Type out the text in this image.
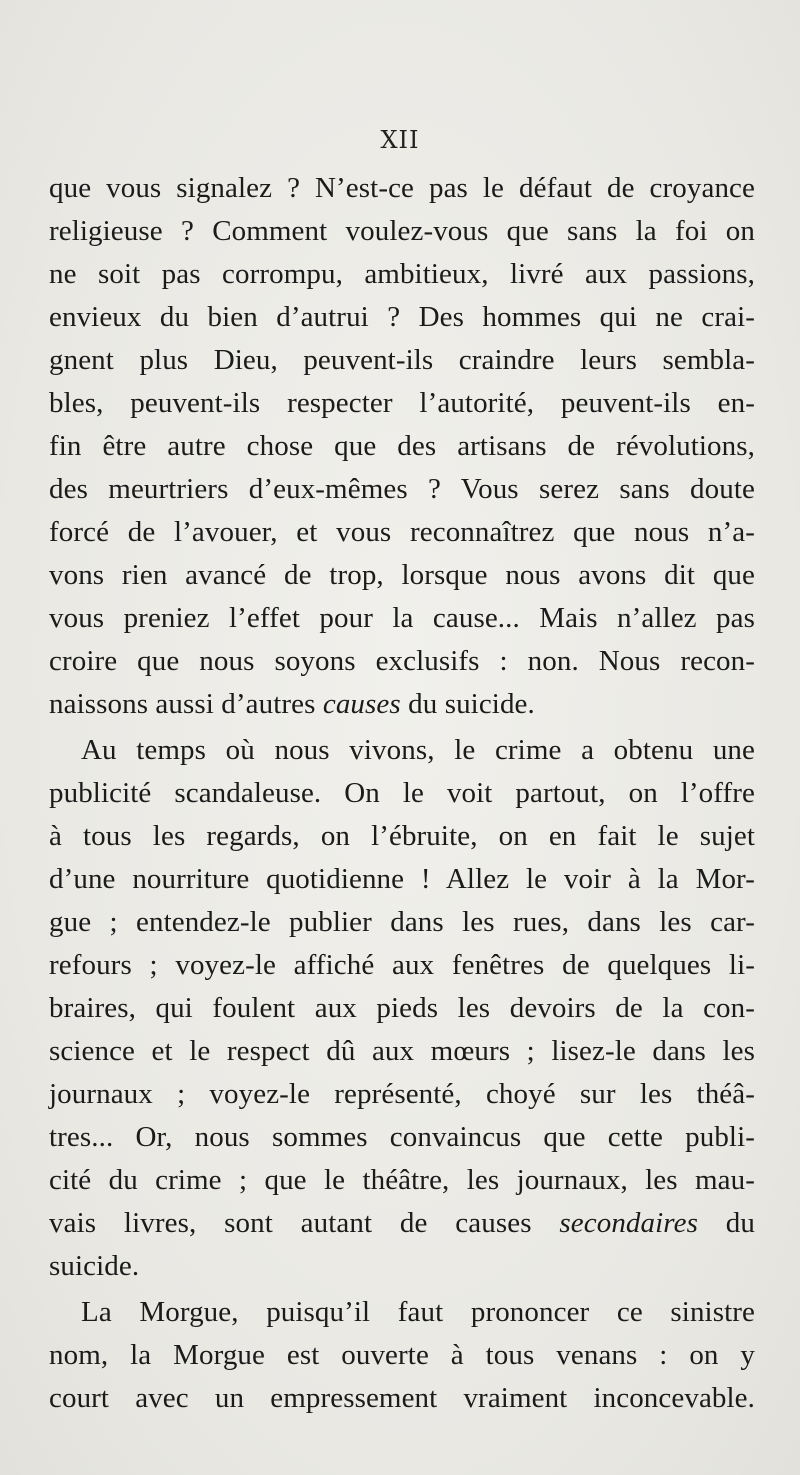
XII
que vous signalez ? N’est-ce pas le défaut de croyance
religieuse ? Comment voulez-vous que sans la foi on
ne soit pas corrompu, ambitieux, livré aux passions,
envieux du bien d’autrui ? Des hommes qui ne crai-
gnent plus Dieu, peuvent-ils craindre leurs sembla-
bles, peuvent-ils respecter l’autorité, peuvent-ils en-
fin être autre chose que des artisans de révolutions,
des meurtriers d’eux-mêmes ? Vous serez sans doute
forcé de l’avouer, et vous reconnaîtrez que nous n’a-
vons rien avancé de trop, lorsque nous avons dit que
vous preniez l’effet pour la cause... Mais n’allez pas
croire que nous soyons exclusifs : non. Nous recon-
naissons aussi d’autres causes du suicide.
Au temps où nous vivons, le crime a obtenu une
publicité scandaleuse. On le voit partout, on l’offre
à tous les regards, on l’ébruite, on en fait le sujet
d’une nourriture quotidienne ! Allez le voir à la Mor-
gue ; entendez-le publier dans les rues, dans les car-
refours ; voyez-le affiché aux fenêtres de quelques li-
braires, qui foulent aux pieds les devoirs de la con-
science et le respect dû aux mœurs ; lisez-le dans les
journaux ; voyez-le représenté, choyé sur les théâ-
tres... Or, nous sommes convaincus que cette publi-
cité du crime ; que le théâtre, les journaux, les mau-
vais livres, sont autant de causes secondaires du
suicide.
La Morgue, puisqu’il faut prononcer ce sinistre
nom, la Morgue est ouverte à tous venans : on y
court avec un empressement vraiment inconcevable.
